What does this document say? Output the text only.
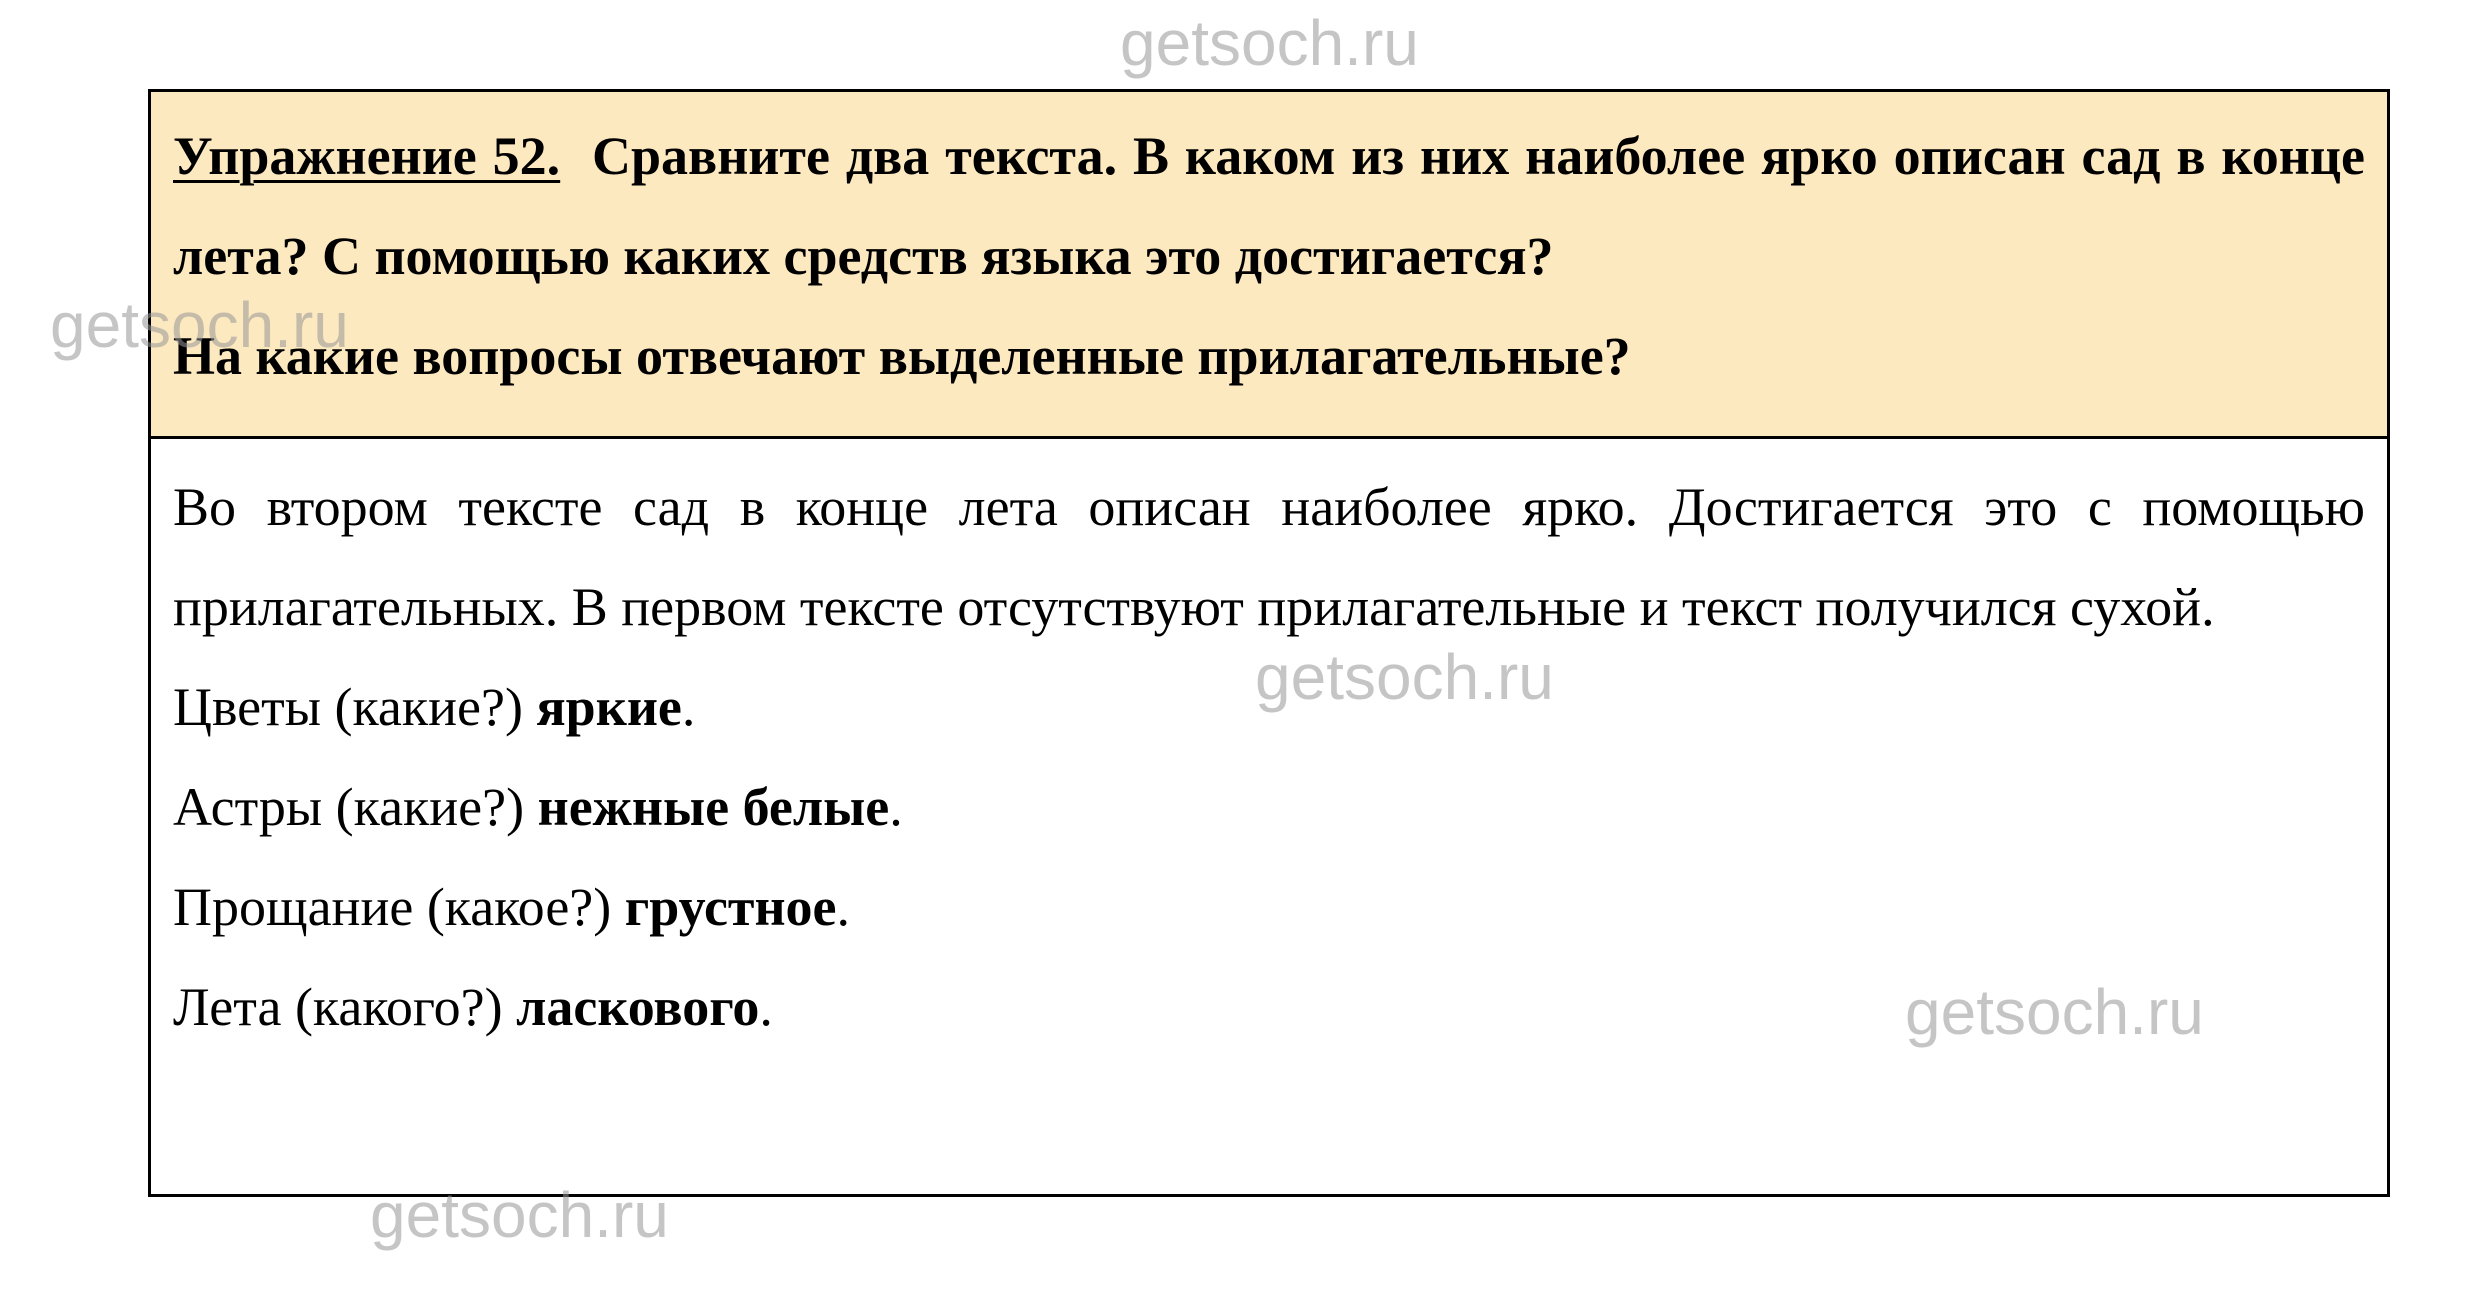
Упражнение 52. Сравните два текста. В каком из них наиболее ярко описан сад в конце лета? С помощью каких средств языка это достигается?
На какие вопросы отвечают выделенные прилагательные?
Во втором тексте сад в конце лета описан наиболее ярко. Достигается это с помощью прилагательных. В первом тексте отсутствуют прилагательные и текст получился сухой.
Цветы (какие?) яркие.
Астры (какие?) нежные белые.
Прощание (какое?) грустное.
Лета (какого?) ласкового.
getsoch.ru
getsoch.ru
getsoch.ru
getsoch.ru
getsoch.ru
